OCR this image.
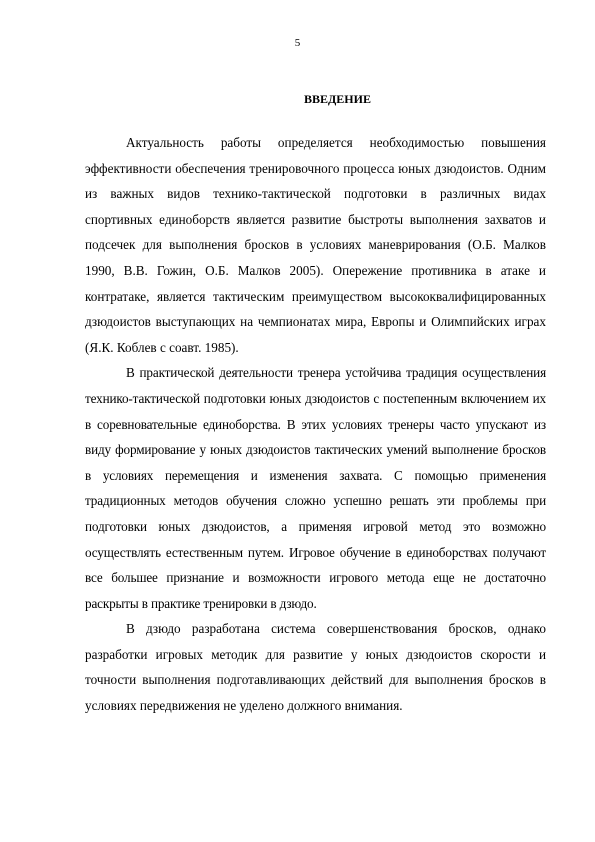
5

ВВЕДЕНИЕ

Актуальность работы определяется необходимостью повышения эффективности обеспечения тренировочного процесса юных дзюдоистов. Одним из важных видов технико-тактической подготовки в различных видах спортивных единоборств является развитие быстроты выполнения захватов и подсечек для выполнения бросков в условиях маневрирования (О.Б. Малков 1990, В.В. Гожин, О.Б. Малков 2005). Опережение противника в атаке и контратаке, является тактическим преимуществом высококвалифицированных дзюдоистов выступающих на чемпионатах мира, Европы и Олимпийских играх (Я.К. Коблев с соавт. 1985).

В практической деятельности тренера устойчива традиция осуществления технико-тактической подготовки юных дзюдоистов с постепенным включением их в соревновательные единоборства. В этих условиях тренеры часто упускают из виду формирование у юных дзюдоистов тактических умений выполнение бросков в условиях перемещения и изменения захвата. С помощью применения традиционных методов обучения сложно успешно решать эти проблемы при подготовки юных дзюдоистов, а применяя игровой метод это возможно осуществлять естественным путем. Игровое обучение в единоборствах получают все большее признание и возможности игрового метода еще не достаточно раскрыты в практике тренировки в дзюдо.

В дзюдо разработана система совершенствования бросков, однако разработки игровых методик для развитие у юных дзюдоистов скорости и точности выполнения подготавливающих действий для выполнения бросков в условиях передвижения не уделено должного внимания.
